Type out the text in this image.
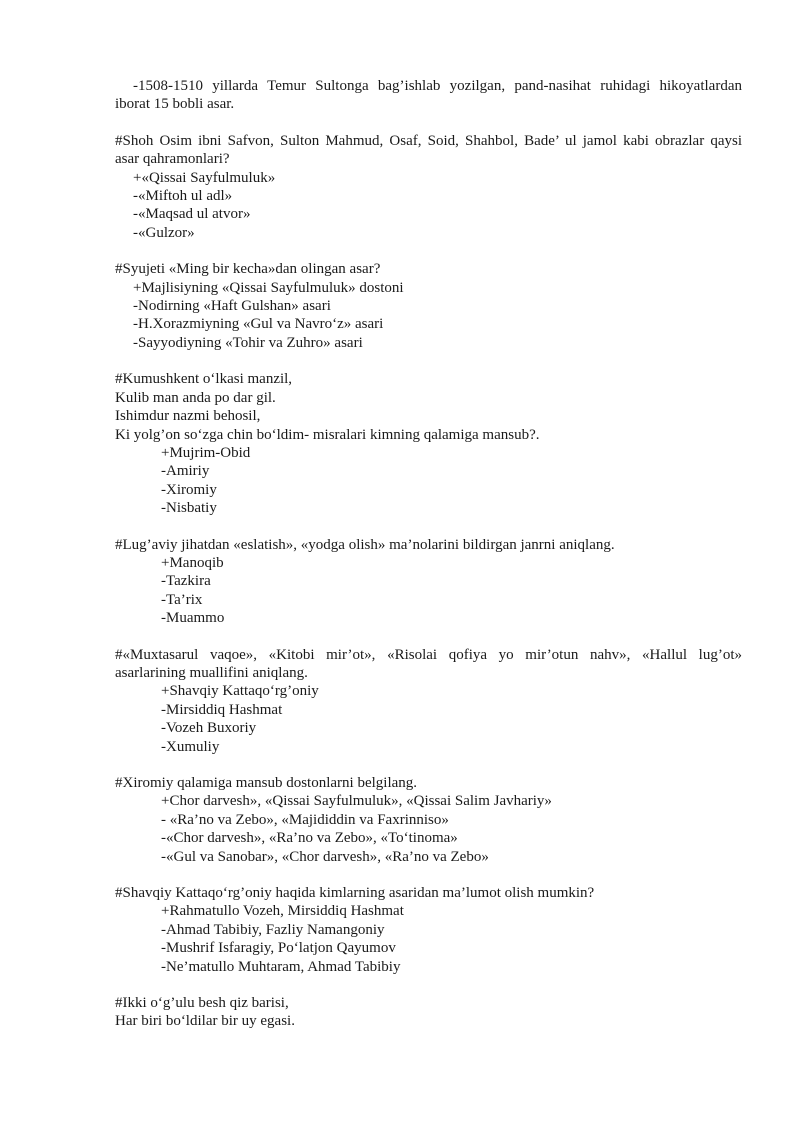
-1508-1510 yillarda Temur Sultonga bag’ishlab yozilgan, pand-nasihat ruhidagi hikoyatlardan
iborat 15 bobli asar.
#Shoh Osim ibni Safvon, Sulton Mahmud, Osaf, Soid, Shahbol, Bade’ ul jamol kabi obrazlar qaysi
asar qahramonlari?
+«Qissai Sayfulmuluk»
-«Miftoh ul adl»
-«Maqsad ul atvor»
-«Gulzor»
#Syujeti «Ming bir kecha»dan olingan asar?
+Majlisiyning «Qissai Sayfulmuluk» dostoni
-Nodirning «Haft Gulshan» asari
-H.Xorazmiyning «Gul va Navro‘z» asari
-Sayyodiyning «Tohir va Zuhro» asari
#Kumushkent o‘lkasi manzil,
Kulib man anda po dar gil.
Ishimdur nazmi behosil,
Ki yolg’on so‘zga chin bo‘ldim- misralari kimning qalamiga mansub?.
+Mujrim-Obid
-Amiriy
-Xiromiy
-Nisbatiy
#Lug’aviy jihatdan «eslatish», «yodga olish» ma’nolarini bildirgan janrni aniqlang.
+Manoqib
-Tazkira
-Ta’rix
-Muammo
#«Muxtasarul vaqoe», «Kitobi mir’ot», «Risolai qofiya yo mir’otun nahv», «Hallul lug’ot»
asarlarining muallifini aniqlang.
+Shavqiy Kattaqo‘rg’oniy
-Mirsiddiq Hashmat
-Vozeh Buxoriy
-Xumuliy
#Xiromiy qalamiga mansub dostonlarni belgilang.
+Chor darvesh», «Qissai Sayfulmuluk», «Qissai Salim Javhariy»
- «Ra’no va Zebo», «Majididdin va Faxrinniso»
-«Chor darvesh», «Ra’no va Zebo», «To‘tinoma»
-«Gul va Sanobar», «Chor darvesh», «Ra’no va Zebo»
#Shavqiy Kattaqo‘rg’oniy haqida kimlarning asaridan ma’lumot olish mumkin?
+Rahmatullo Vozeh, Mirsiddiq Hashmat
-Ahmad Tabibiy, Fazliy Namangoniy
-Mushrif Isfaragiy, Po‘latjon Qayumov
-Ne’matullo Muhtaram, Ahmad Tabibiy
#Ikki o‘g’ulu besh qiz barisi,
Har biri bo‘ldilar bir uy egasi.
